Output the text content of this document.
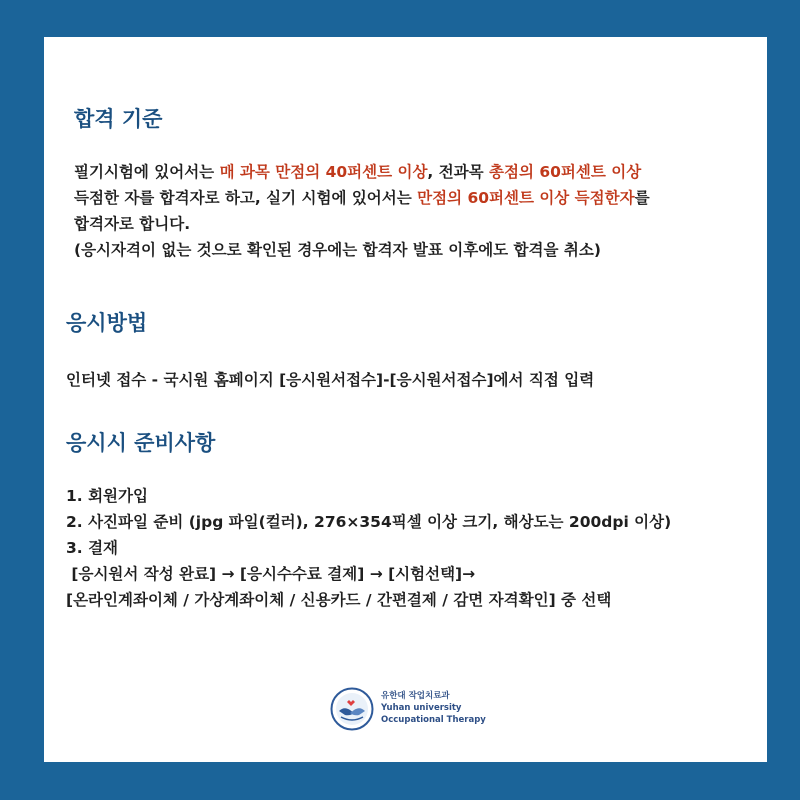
합격 기준

필기시험에 있어서는 매 과목 만점의 40퍼센트 이상, 전과목 총점의 60퍼센트 이상

득점한 자를 합격자로 하고, 실기 시험에 있어서는 만점의 60퍼센트 이상 득점한자를

합격자로 합니다.

(응시자격이 없는 것으로 확인된 경우에는 합격자 발표 이후에도 합격을 취소)

응시방법

인터넷 접수 - 국시원 홈페이지 [응시원서접수]-[응시원서접수]에서 직접 입력

응시시 준비사항

1. 회원가입

2. 사진파일 준비 (jpg 파일(컬러), 276×354픽셀 이상 크기, 해상도는 200dpi 이상)

3. 결재

[응시원서 작성 완료] → [응시수수료 결제] → [시험선택]→

[온라인계좌이체 / 가상계좌이체 / 신용카드 / 간편결제 / 감면 자격확인] 중 선택

유한대 작업치료과
Yuhan university
Occupational Therapy
